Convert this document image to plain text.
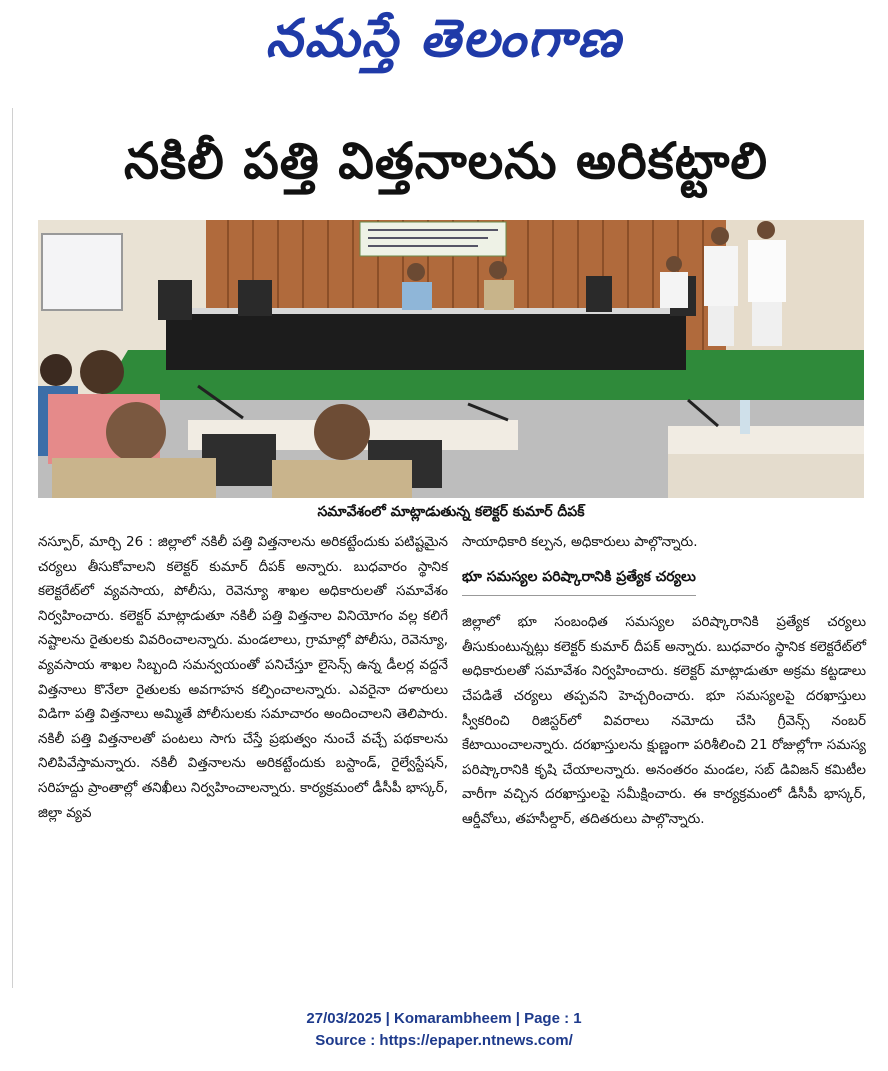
నమస్తే తెలంగాణ
నకిలీ పత్తి విత్తనాలను అరికట్టాలి
సమావేశంలో మాట్లాడుతున్న కలెక్టర్ కుమార్ దీపక్

నస్పూర్, మార్చి 26 : జిల్లాలో నకిలీ పత్తి విత్తనాలను అరికట్టేందుకు పటిష్టమైన చర్యలు తీసుకోవాలని కలెక్టర్ కుమార్ దీపక్ అన్నారు. బుధవారం స్థానిక కలెక్టరేట్‌లో వ్యవసాయ, పోలీసు, రెవెన్యూ శాఖల అధికారులతో సమావేశం నిర్వహించారు. కలెక్టర్ మాట్లాడుతూ నకిలీ పత్తి విత్తనాల వినియోగం వల్ల కలిగే నష్టాలను రైతులకు వివరించాలన్నారు. మండలాలు, గ్రామాల్లో పోలీసు, రెవెన్యూ, వ్యవసాయ శాఖల సిబ్బంది సమన్వయంతో పనిచేస్తూ లైసెన్స్ ఉన్న డీలర్ల వద్దనే విత్తనాలు కొనేలా రైతులకు అవగాహన కల్పించాలన్నారు. ఎవరైనా దళారులు విడిగా పత్తి విత్తనాలు అమ్మితే పోలీసులకు సమాచారం అందించాలని తెలిపారు. నకిలీ పత్తి విత్తనాలతో పంటలు సాగు చేస్తే ప్రభుత్వం నుంచే వచ్చే పథకాలను నిలిపివేస్తామన్నారు. నకిలీ విత్తనాలను అరికట్టేందుకు బస్టాండ్, రైల్వేస్టేషన్, సరిహద్దు ప్రాంతాల్లో తనిఖీలు నిర్వహించాలన్నారు. కార్యక్రమంలో డీసీపీ భాస్కర్, జిల్లా వ్యవ

సాయాధికారి కల్పన, అధికారులు పాల్గొన్నారు.

భూ సమస్యల పరిష్కారానికి ప్రత్యేక చర్యలు

జిల్లాలో భూ సంబంధిత సమస్యల పరిష్కారానికి ప్రత్యేక చర్యలు తీసుకుంటున్నట్లు కలెక్టర్ కుమార్ దీపక్ అన్నారు. బుధవారం స్థానిక కలెక్టరేట్‌లో అధికారులతో సమావేశం నిర్వహించారు. కలెక్టర్ మాట్లాడుతూ అక్రమ కట్టడాలు చేపడితే చర్యలు తప్పవని హెచ్చరించారు. భూ సమస్యలపై దరఖాస్తులు స్వీకరించి రిజిస్టర్‌లో వివరాలు నమోదు చేసి గ్రీవెన్స్ నంబర్ కేటాయించాలన్నారు. దరఖాస్తులను క్షుణ్ణంగా పరిశీలించి 21 రోజుల్లోగా సమస్య పరిష్కారానికి కృషి చేయాలన్నారు. అనంతరం మండల, సబ్ డివిజన్ కమిటీల వారీగా వచ్చిన దరఖాస్తులపై సమీక్షించారు. ఈ కార్యక్రమంలో డీసీపీ భాస్కర్, ఆర్డీవోలు, తహసీల్దార్, తదితరులు పాల్గొన్నారు.

27/03/2025 | Komarambheem | Page : 1
Source : https://epaper.ntnews.com/
